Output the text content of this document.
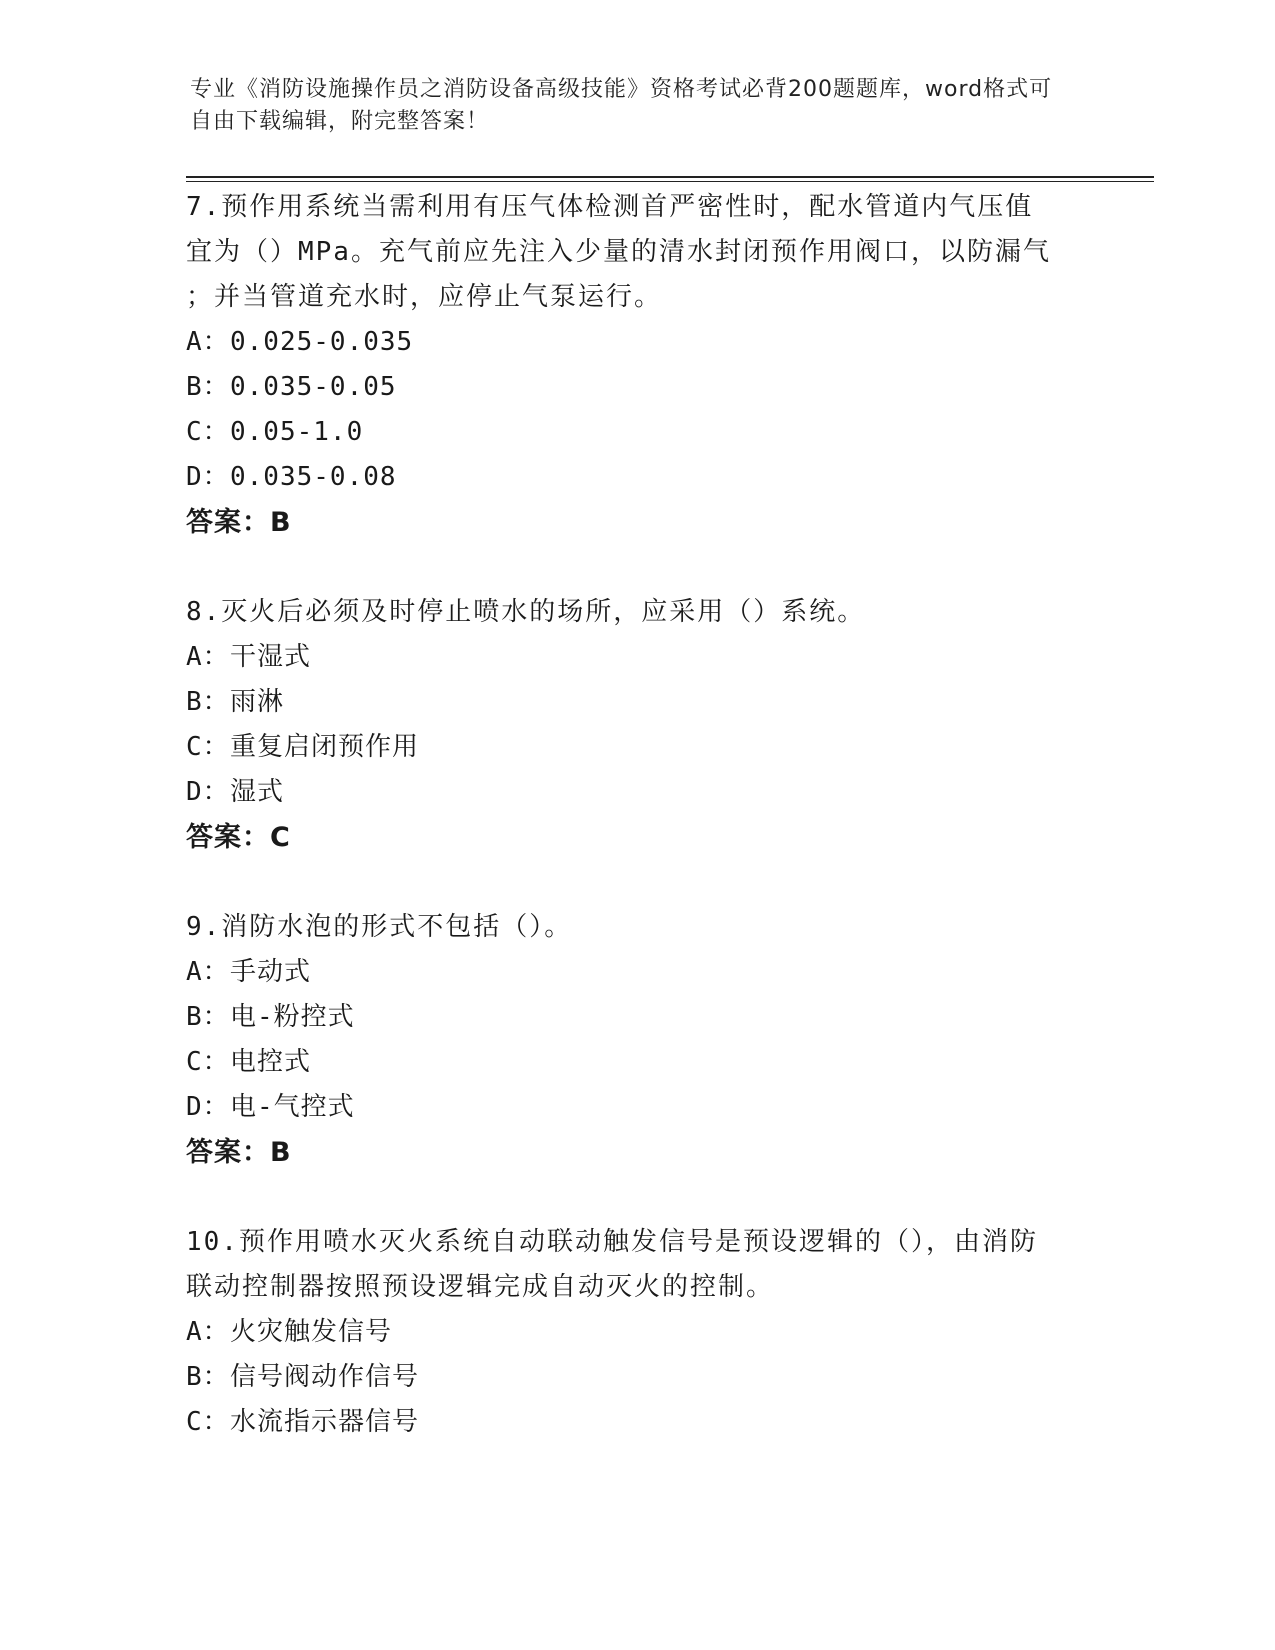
专业《消防设施操作员之消防设备高级技能》资格考试必背200题题库，word格式可自由下载编辑，附完整答案！

7.预作用系统当需利用有压气体检测首严密性时，配水管道内气压值

宜为（）MPa。充气前应先注入少量的清水封闭预作用阀口，以防漏气

；并当管道充水时，应停止气泵运行。

A：0.025-0.035

B：0.035-0.05

C：0.05-1.0

D：0.035-0.08

答案：B

8.灭火后必须及时停止喷水的场所，应采用（）系统。

A：干湿式

B：雨淋

C：重复启闭预作用

D：湿式

答案：C

9.消防水泡的形式不包括（）。

A：手动式

B：电-粉控式

C：电控式

D：电-气控式

答案：B

10.预作用喷水灭火系统自动联动触发信号是预设逻辑的（），由消防

联动控制器按照预设逻辑完成自动灭火的控制。

A：火灾触发信号

B：信号阀动作信号

C：水流指示器信号
